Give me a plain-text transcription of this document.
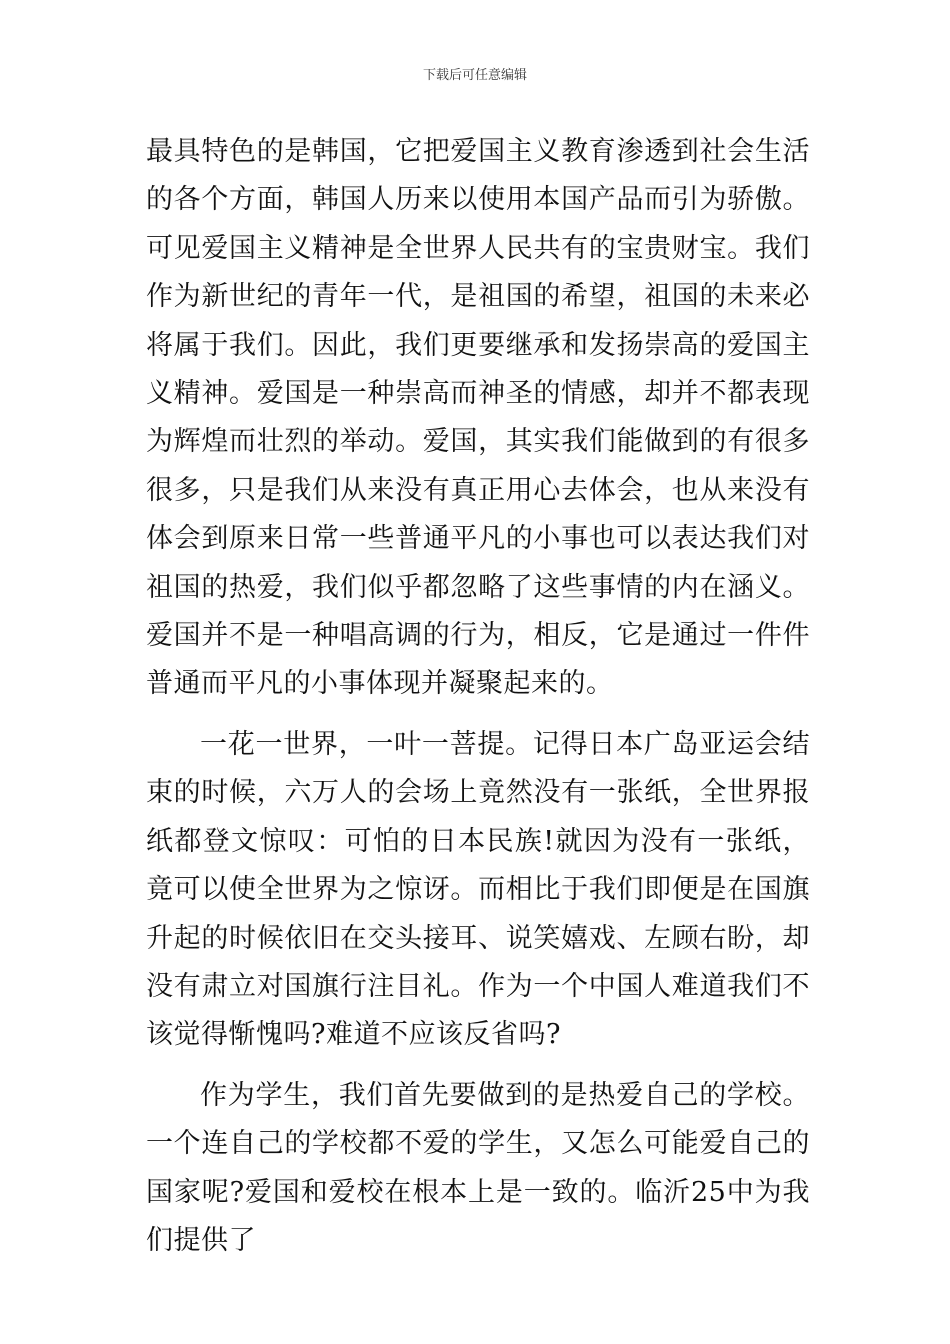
下载后可任意编辑

最具特色的是韩国，它把爱国主义教育渗透到社会生活的各个方面，韩国人历来以使用本国产品而引为骄傲。可见爱国主义精神是全世界人民共有的宝贵财宝。我们作为新世纪的青年一代，是祖国的希望，祖国的未来必将属于我们。因此，我们更要继承和发扬崇高的爱国主义精神。爱国是一种崇高而神圣的情感，却并不都表现为辉煌而壮烈的举动。爱国，其实我们能做到的有很多很多，只是我们从来没有真正用心去体会，也从来没有体会到原来日常一些普通平凡的小事也可以表达我们对祖国的热爱，我们似乎都忽略了这些事情的内在涵义。 爱国并不是一种唱高调的行为，相反，它是通过一件件普通而平凡的小事体现并凝聚起来的。

一花一世界，一叶一菩提。记得日本广岛亚运会结束的时候，六万人的会场上竟然没有一张纸，全世界报纸都登文惊叹：可怕的日本民族!就因为没有一张纸，竟可以使全世界为之惊讶。而相比于我们即便是在国旗升起的时候依旧在交头接耳、说笑嬉戏、左顾右盼，却没有肃立对国旗行注目礼。作为一个中国人难道我们不该觉得惭愧吗?难道不应该反省吗?

作为学生，我们首先要做到的是热爱自己的学校。一个连自己的学校都不爱的学生，又怎么可能爱自己的国家呢?爱国和爱校在根本上是一致的。临沂25中为我们提供了
